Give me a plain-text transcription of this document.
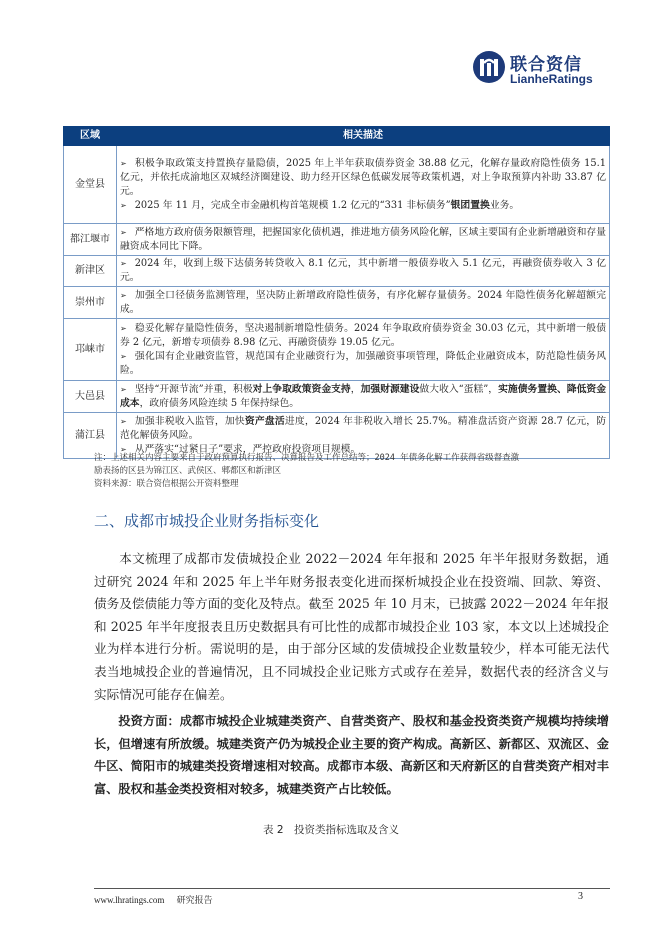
联合资信
LianheRatings
区域	相关描述
金堂县	➢ 积极争取政策支持置换存量隐债，2025 年上半年获取债券资金 38.88 亿元，化解存量政府隐性债务 15.1 亿元，并依托成渝地区双城经济圈建设、助力经开区绿色低碳发展等政策机遇，对上争取预算内补助 33.87 亿元。
➢ 2025 年 11 月，完成全市金融机构首笔规模 1.2 亿元的“331 非标债务”银团置换业务。

都江堰市	➢ 严格地方政府债务限额管理，把握国家化债机遇，推进地方债务风险化解，区域主要国有企业新增融资和存量融资成本同比下降。

新津区	➢ 2024 年，收到上级下达债务转贷收入 8.1 亿元，其中新增一般债券收入 5.1 亿元，再融资债券收入 3 亿元。

崇州市	➢ 加强全口径债务监测管理，坚决防止新增政府隐性债务，有序化解存量债务。2024 年隐性债务化解超额完成。

邛崃市	➢ 稳妥化解存量隐性债务，坚决遏制新增隐性债务。2024 年争取政府债券资金 30.03 亿元，其中新增一般债券 2 亿元，新增专项债券 8.98 亿元、再融资债券 19.05 亿元。
➢ 强化国有企业融资监管，规范国有企业融资行为，加强融资事项管理，降低企业融资成本，防范隐性债务风险。

大邑县	➢ 坚持“开源节流”并重，积极对上争取政策资金支持，加强财源建设做大收入“蛋糕”，实施债务置换、降低资金成本，政府债务风险连续 5 年保持绿色。

蒲江县	➢ 加强非税收入监管，加快资产盘活进度，2024 年非税收入增长 25.7%。精准盘活资产资源 28.7 亿元，防范化解债务风险。
➢ 从严落实“过紧日子”要求，严控政府投资项目规模。
注：上述相关内容主要来自于政府预算执行报告、决算报告及工作总结等；2024 年债务化解工作获得省级督查激
励表扬的区县为锦江区、武侯区、郫都区和新津区
资料来源：联合资信根据公开资料整理
二、成都市城投企业财务指标变化

本文梳理了成都市发债城投企业 2022－2024 年年报和 2025 年半年报财务数据，通过研究 2024 年和 2025 年上半年财务报表变化进而探析城投企业在投资端、回款、筹资、债务及偿债能力等方面的变化及特点。截至 2025 年 10 月末，已披露 2022－2024 年年报和 2025 年半年度报表且历史数据具有可比性的成都市城投企业 103 家，本文以上述城投企业为样本进行分析。需说明的是，由于部分区域的发债城投企业数量较少，样本可能无法代表当地城投企业的普遍情况，且不同城投企业记账方式或存在差异，数据代表的经济含义与实际情况可能存在偏差。

投资方面：成都市城投企业城建类资产、自营类资产、股权和基金投资类资产规模均持续增长，但增速有所放缓。城建类资产仍为城投企业主要的资产构成。高新区、新都区、双流区、金牛区、简阳市的城建类投资增速相对较高。成都市本级、高新区和天府新区的自营类资产相对丰富、股权和基金类投资相对较多，城建类资产占比较低。

表 2　投资类指标选取及含义
www.lhratings.com 研究报告	3
